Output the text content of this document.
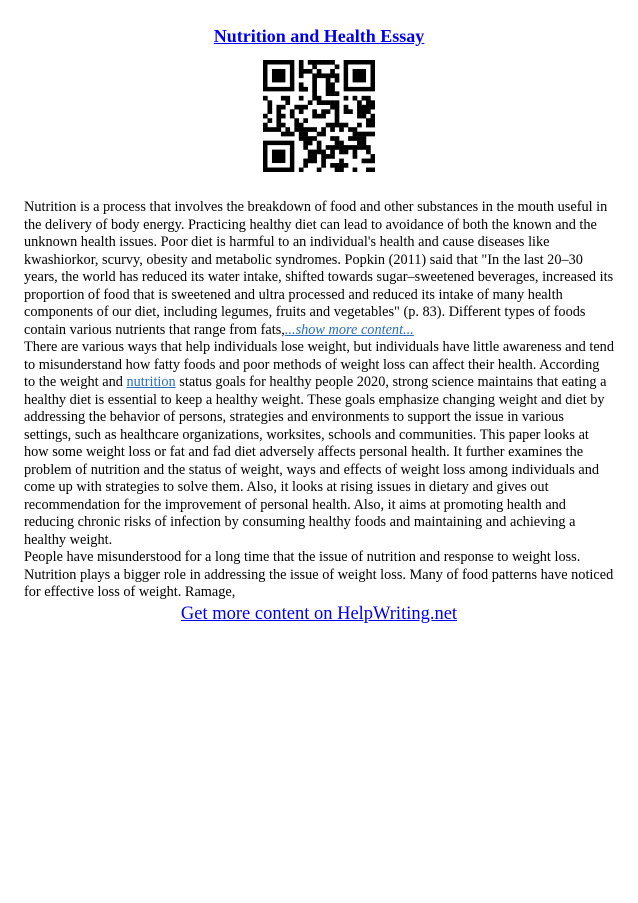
Nutrition and Health Essay

Nutrition is a process that involves the breakdown of food and other substances in the mouth useful in the delivery of body energy. Practicing healthy diet can lead to avoidance of both the known and the unknown health issues. Poor diet is harmful to an individual's health and cause diseases like kwashiorkor, scurvy, obesity and metabolic syndromes. Popkin (2011) said that "In the last 20–30 years, the world has reduced its water intake, shifted towards sugar–sweetened beverages, increased its proportion of food that is sweetened and ultra processed and reduced its intake of many health components of our diet, including legumes, fruits and vegetables" (p. 83). Different types of foods contain various nutrients that range from fats,...show more content...

There are various ways that help individuals lose weight, but individuals have little awareness and tend to misunderstand how fatty foods and poor methods of weight loss can affect their health. According to the weight and nutrition status goals for healthy people 2020, strong science maintains that eating a healthy diet is essential to keep a healthy weight. These goals emphasize changing weight and diet by addressing the behavior of persons, strategies and environments to support the issue in various settings, such as healthcare organizations, worksites, schools and communities. This paper looks at how some weight loss or fat and fad diet adversely affects personal health. It further examines the problem of nutrition and the status of weight, ways and effects of weight loss among individuals and come up with strategies to solve them. Also, it looks at rising issues in dietary and gives out recommendation for the improvement of personal health. Also, it aims at promoting health and reducing chronic risks of infection by consuming healthy foods and maintaining and achieving a healthy weight.

People have misunderstood for a long time that the issue of nutrition and response to weight loss. Nutrition plays a bigger role in addressing the issue of weight loss. Many of food patterns have noticed for effective loss of weight. Ramage,

Get more content on HelpWriting.net
